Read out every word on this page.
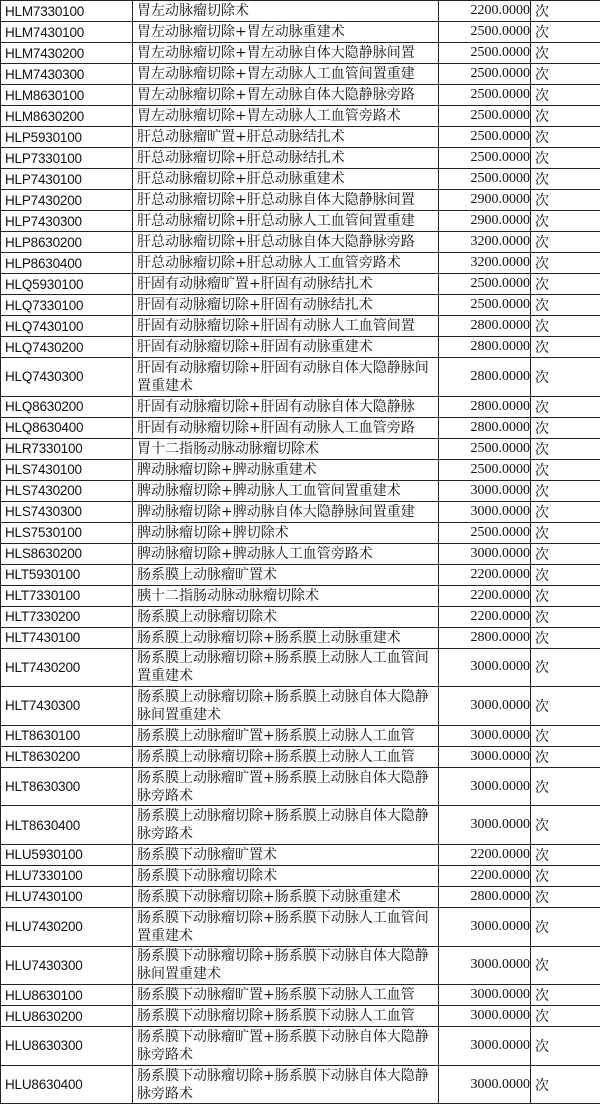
HLM7330100	胃左动脉瘤切除术	2200.0000	次
HLM7430100	胃左动脉瘤切除+胃左动脉重建术	2500.0000	次
HLM7430200	胃左动脉瘤切除+胃左动脉自体大隐静脉间置	2500.0000	次
HLM7430300	胃左动脉瘤切除+胃左动脉人工血管间置重建	2500.0000	次
HLM8630100	胃左动脉瘤切除+胃左动脉自体大隐静脉旁路	2500.0000	次
HLM8630200	胃左动脉瘤切除+胃左动脉人工血管旁路术	2500.0000	次
HLP5930100	肝总动脉瘤旷置+肝总动脉结扎术	2500.0000	次
HLP7330100	肝总动脉瘤切除+肝总动脉结扎术	2500.0000	次
HLP7430100	肝总动脉瘤切除+肝总动脉重建术	2500.0000	次
HLP7430200	肝总动脉瘤切除+肝总动脉自体大隐静脉间置	2900.0000	次
HLP7430300	肝总动脉瘤切除+肝总动脉人工血管间置重建	2900.0000	次
HLP8630200	肝总动脉瘤切除+肝总动脉自体大隐静脉旁路	3200.0000	次
HLP8630400	肝总动脉瘤切除+肝总动脉人工血管旁路术	3200.0000	次
HLQ5930100	肝固有动脉瘤旷置+肝固有动脉结扎术	2500.0000	次
HLQ7330100	肝固有动脉瘤切除+肝固有动脉结扎术	2500.0000	次
HLQ7430100	肝固有动脉瘤切除+肝固有动脉人工血管间置	2800.0000	次
HLQ7430200	肝固有动脉瘤切除+肝固有动脉重建术	2800.0000	次
HLQ7430300	肝固有动脉瘤切除+肝固有动脉自体大隐静脉间置重建术	2800.0000	次
HLQ8630200	肝固有动脉瘤切除+肝固有动脉自体大隐静脉	2800.0000	次
HLQ8630400	肝固有动脉瘤切除+肝固有动脉人工血管旁路	2800.0000	次
HLR7330100	胃十二指肠动脉动脉瘤切除术	2500.0000	次
HLS7430100	脾动脉瘤切除+脾动脉重建术	2500.0000	次
HLS7430200	脾动脉瘤切除+脾动脉人工血管间置重建术	3000.0000	次
HLS7430300	脾动脉瘤切除+脾动脉自体大隐静脉间置重建	3000.0000	次
HLS7530100	脾动脉瘤切除+脾切除术	2500.0000	次
HLS8630200	脾动脉瘤切除+脾动脉人工血管旁路术	3000.0000	次
HLT5930100	肠系膜上动脉瘤旷置术	2200.0000	次
HLT7330100	胰十二指肠动脉动脉瘤切除术	2200.0000	次
HLT7330200	肠系膜上动脉瘤切除术	2200.0000	次
HLT7430100	肠系膜上动脉瘤切除+肠系膜上动脉重建术	2800.0000	次
HLT7430200	肠系膜上动脉瘤切除+肠系膜上动脉人工血管间置重建术	3000.0000	次
HLT7430300	肠系膜上动脉瘤切除+肠系膜上动脉自体大隐静脉间置重建术	3000.0000	次
HLT8630100	肠系膜上动脉瘤旷置+肠系膜上动脉人工血管	3000.0000	次
HLT8630200	肠系膜上动脉瘤切除+肠系膜上动脉人工血管	3000.0000	次
HLT8630300	肠系膜上动脉瘤旷置+肠系膜上动脉自体大隐静脉旁路术	3000.0000	次
HLT8630400	肠系膜上动脉瘤切除+肠系膜上动脉自体大隐静脉旁路术	3000.0000	次
HLU5930100	肠系膜下动脉瘤旷置术	2200.0000	次
HLU7330100	肠系膜下动脉瘤切除术	2200.0000	次
HLU7430100	肠系膜下动脉瘤切除+肠系膜下动脉重建术	2800.0000	次
HLU7430200	肠系膜下动脉瘤切除+肠系膜下动脉人工血管间置重建术	3000.0000	次
HLU7430300	肠系膜下动脉瘤切除+肠系膜下动脉自体大隐静脉间置重建术	3000.0000	次
HLU8630100	肠系膜下动脉瘤旷置+肠系膜下动脉人工血管	3000.0000	次
HLU8630200	肠系膜下动脉瘤切除+肠系膜下动脉人工血管	3000.0000	次
HLU8630300	肠系膜下动脉瘤旷置+肠系膜下动脉自体大隐静脉旁路术	3000.0000	次
HLU8630400	肠系膜下动脉瘤切除+肠系膜下动脉自体大隐静脉旁路术	3000.0000	次
